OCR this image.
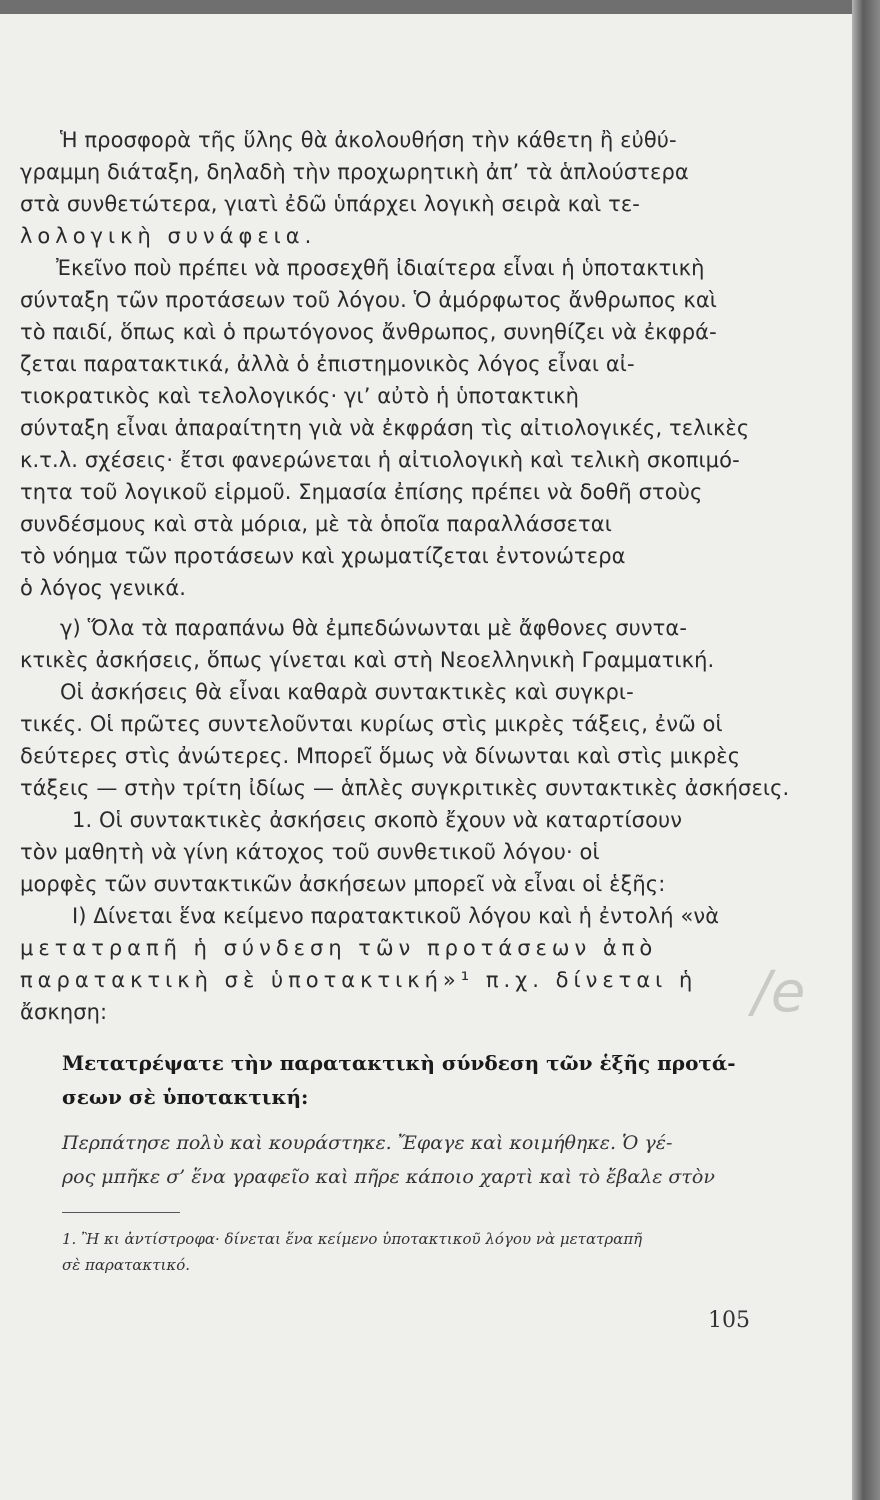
Ἡ προσφορὰ τῆς ὕλης θὰ ἀκολουθήση τὴν κάθετη ἢ εὐθύ-
γραμμη διάταξη, δηλαδὴ τὴν προχωρητικὴ ἀπ’ τὰ ἁπλούστερα
στὰ συνθετώτερα, γιατὶ ἐδῶ ὑπάρχει λογικὴ σειρὰ καὶ τε-
λολογικὴ συνάφεια.
Ἐκεῖνο ποὺ πρέπει νὰ προσεχθῆ ἰδιαίτερα εἶναι ἡ ὑποτακτικὴ
σύνταξη τῶν προτάσεων τοῦ λόγου. Ὁ ἀμόρφωτος ἄνθρωπος καὶ
τὸ παιδί, ὅπως καὶ ὁ πρωτόγονος ἄνθρωπος, συνηθίζει νὰ ἐκφρά-
ζεται παρατακτικά, ἀλλὰ ὁ ἐπιστημονικὸς λόγος εἶναι αἰ-
τιοκρατικὸς καὶ τελολογικός· γι’ αὐτὸ ἡ ὑποτακτικὴ
σύνταξη εἶναι ἀπαραίτητη γιὰ νὰ ἐκφράση τὶς αἰτιολογικές, τελικὲς
κ.τ.λ. σχέσεις· ἔτσι φανερώνεται ἡ αἰτιολογικὴ καὶ τελικὴ σκοπιμό-
τητα τοῦ λογικοῦ εἱρμοῦ. Σημασία ἐπίσης πρέπει νὰ δοθῆ στοὺς
συνδέσμους καὶ στὰ μόρια, μὲ τὰ ὁποῖα παραλλάσσεται
τὸ νόημα τῶν προτάσεων καὶ χρωματίζεται ἐντονώτερα
ὁ λόγος γενικά.
γ) Ὅλα τὰ παραπάνω θὰ ἐμπεδώνωνται μὲ ἄφθονες συντα-
κτικὲς ἀσκήσεις, ὅπως γίνεται καὶ στὴ Νεοελληνικὴ Γραμματική.
Οἱ ἀσκήσεις θὰ εἶναι καθαρὰ συντακτικὲς καὶ συγκρι-
τικές. Οἱ πρῶτες συντελοῦνται κυρίως στὶς μικρὲς τάξεις, ἐνῶ οἱ
δεύτερες στὶς ἀνώτερες. Μπορεῖ ὅμως νὰ δίνωνται καὶ στὶς μικρὲς
τάξεις — στὴν τρίτη ἰδίως — ἁπλὲς συγκριτικὲς συντακτικὲς ἀσκήσεις.
1. Οἱ συντακτικὲς ἀσκήσεις σκοπὸ ἔχουν νὰ καταρτίσουν
τὸν μαθητὴ νὰ γίνη κάτοχος τοῦ συνθετικοῦ λόγου· οἱ
μορφὲς τῶν συντακτικῶν ἀσκήσεων μπορεῖ νὰ εἶναι οἱ ἑξῆς:
Ι) Δίνεται ἕνα κείμενο παρατακτικοῦ λόγου καὶ ἡ ἐντολή «νὰ
μετατραπῆ ἡ σύνδεση τῶν προτάσεων ἀπὸ
παρατακτικὴ σὲ ὑποτακτική»¹ π.χ. δίνεται ἡ
ἄσκηση:
Μετατρέψατε τὴν παρατακτικὴ σύνδεση τῶν ἑξῆς προτά-
σεων σὲ ὑποτακτική:
Περπάτησε πολὺ καὶ κουράστηκε. Ἔφαγε καὶ κοιμήθηκε. Ὁ γέ-
ρος μπῆκε σ’ ἕνα γραφεῖο καὶ πῆρε κάποιο χαρτὶ καὶ τὸ ἔβαλε στὸν
1. Ἢ κι ἀντίστροφα· δίνεται ἕνα κείμενο ὑποτακτικοῦ λόγου νὰ μετατραπῆ
σὲ παρατακτικό.
105
/‍e
